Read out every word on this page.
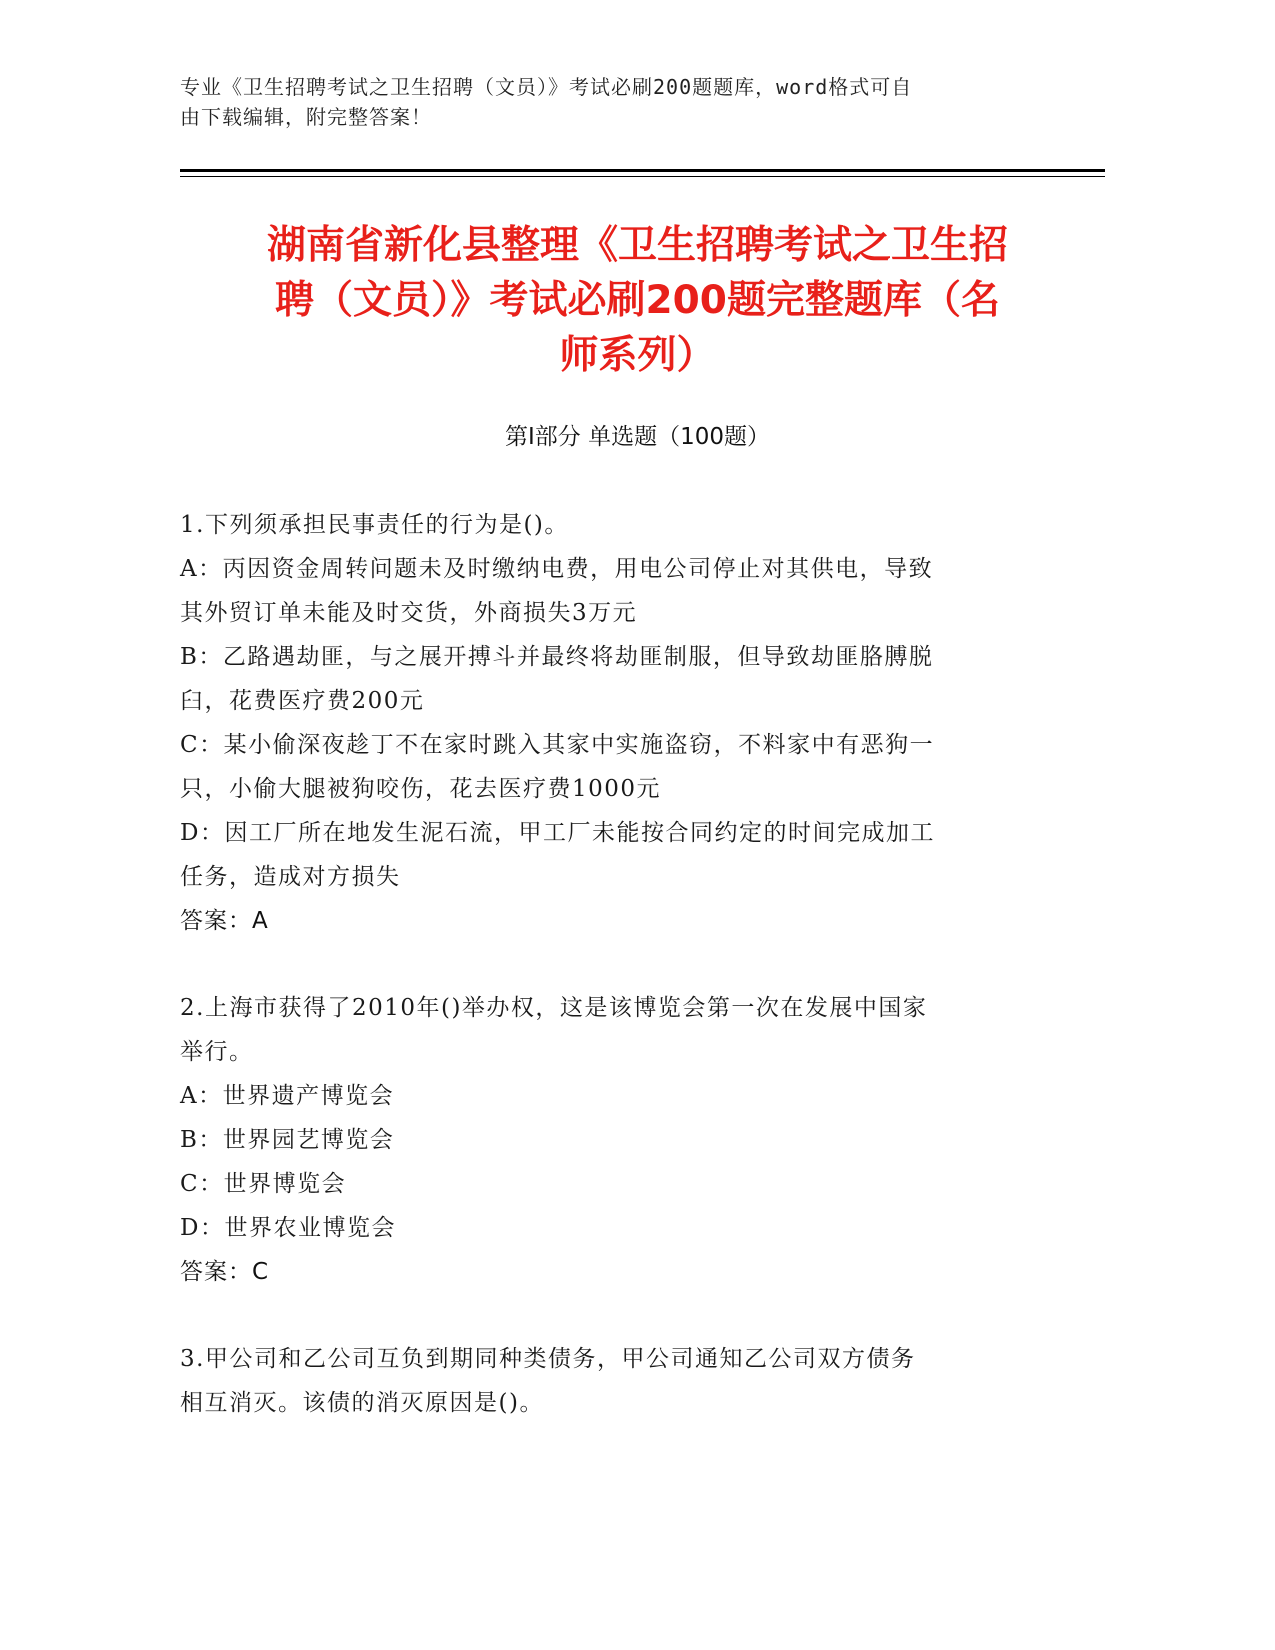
专业《卫生招聘考试之卫生招聘（文员）》考试必刷200题题库，word格式可自
由下载编辑，附完整答案！
湖南省新化县整理《卫生招聘考试之卫生招
聘（文员）》考试必刷200题完整题库（名
师系列）
第Ⅰ部分 单选题（100题）
1.下列须承担民事责任的行为是()。
A：丙因资金周转问题未及时缴纳电费，用电公司停止对其供电，导致
其外贸订单未能及时交货，外商损失3万元
B：乙路遇劫匪，与之展开搏斗并最终将劫匪制服，但导致劫匪胳膊脱
臼，花费医疗费200元
C：某小偷深夜趁丁不在家时跳入其家中实施盗窃，不料家中有恶狗一
只，小偷大腿被狗咬伤，花去医疗费1000元
D：因工厂所在地发生泥石流，甲工厂未能按合同约定的时间完成加工
任务，造成对方损失
答案：A
2.上海市获得了2010年()举办权，这是该博览会第一次在发展中国家
举行。
A：世界遗产博览会
B：世界园艺博览会
C：世界博览会
D：世界农业博览会
答案：C
3.甲公司和乙公司互负到期同种类债务，甲公司通知乙公司双方债务
相互消灭。该债的消灭原因是()。
